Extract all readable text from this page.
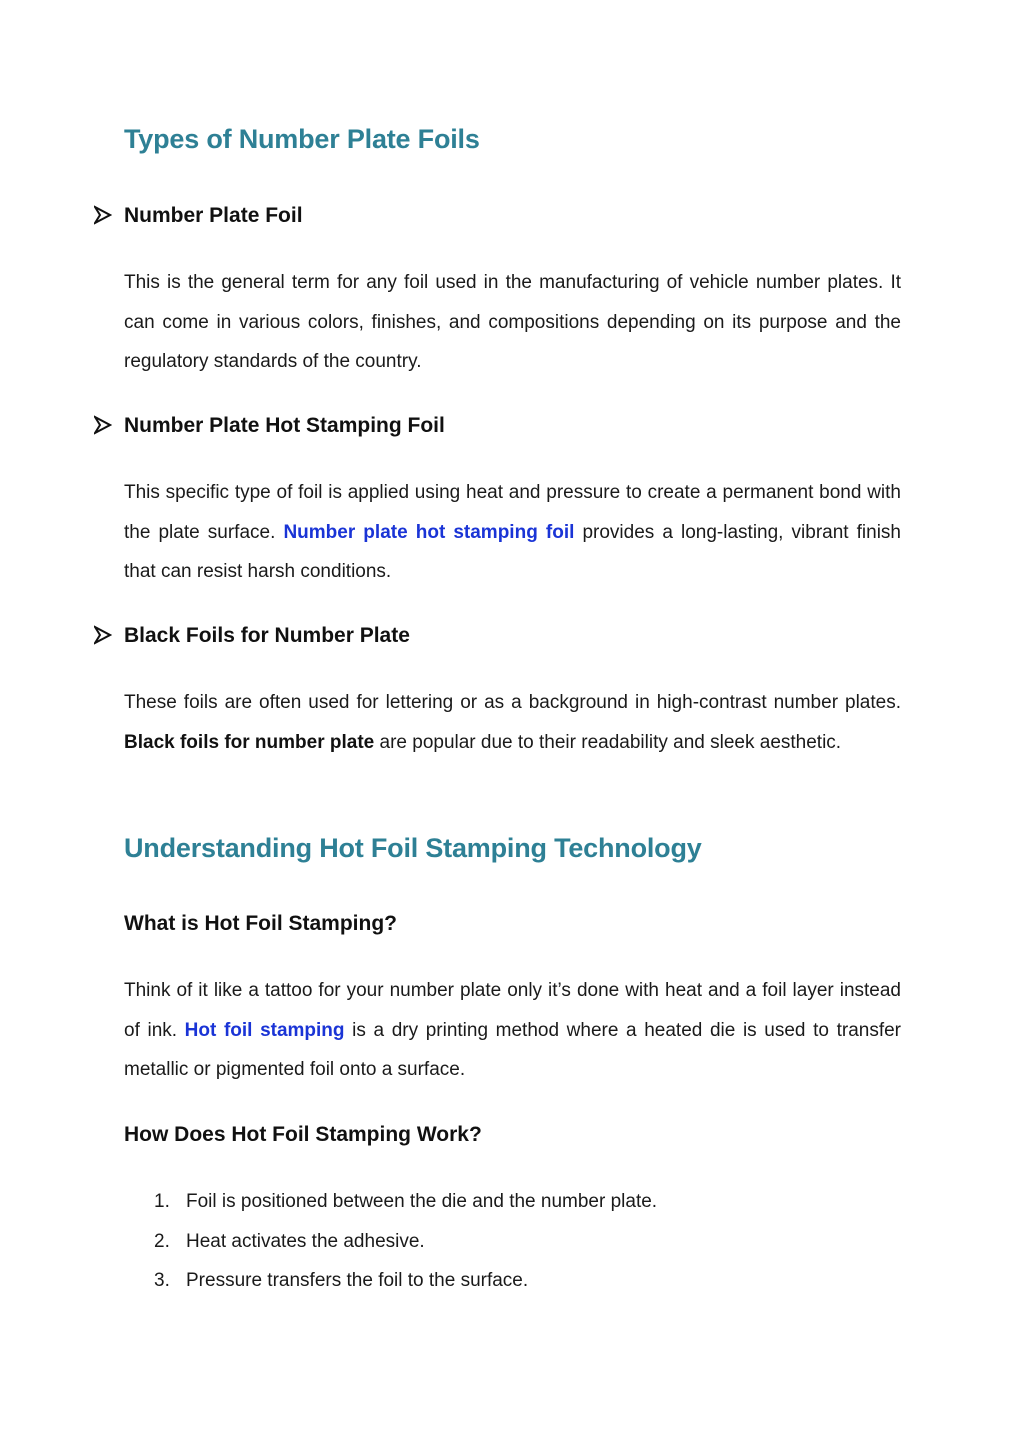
Types of Number Plate Foils
Number Plate Foil
This is the general term for any foil used in the manufacturing of vehicle number plates. It can come in various colors, finishes, and compositions depending on its purpose and the regulatory standards of the country.
Number Plate Hot Stamping Foil
This specific type of foil is applied using heat and pressure to create a permanent bond with the plate surface. Number plate hot stamping foil provides a long-lasting, vibrant finish that can resist harsh conditions.
Black Foils for Number Plate
These foils are often used for lettering or as a background in high-contrast number plates. Black foils for number plate are popular due to their readability and sleek aesthetic.
Understanding Hot Foil Stamping Technology
What is Hot Foil Stamping?
Think of it like a tattoo for your number plate only it’s done with heat and a foil layer instead of ink. Hot foil stamping is a dry printing method where a heated die is used to transfer metallic or pigmented foil onto a surface.
How Does Hot Foil Stamping Work?
1. Foil is positioned between the die and the number plate.
2. Heat activates the adhesive.
3. Pressure transfers the foil to the surface.
